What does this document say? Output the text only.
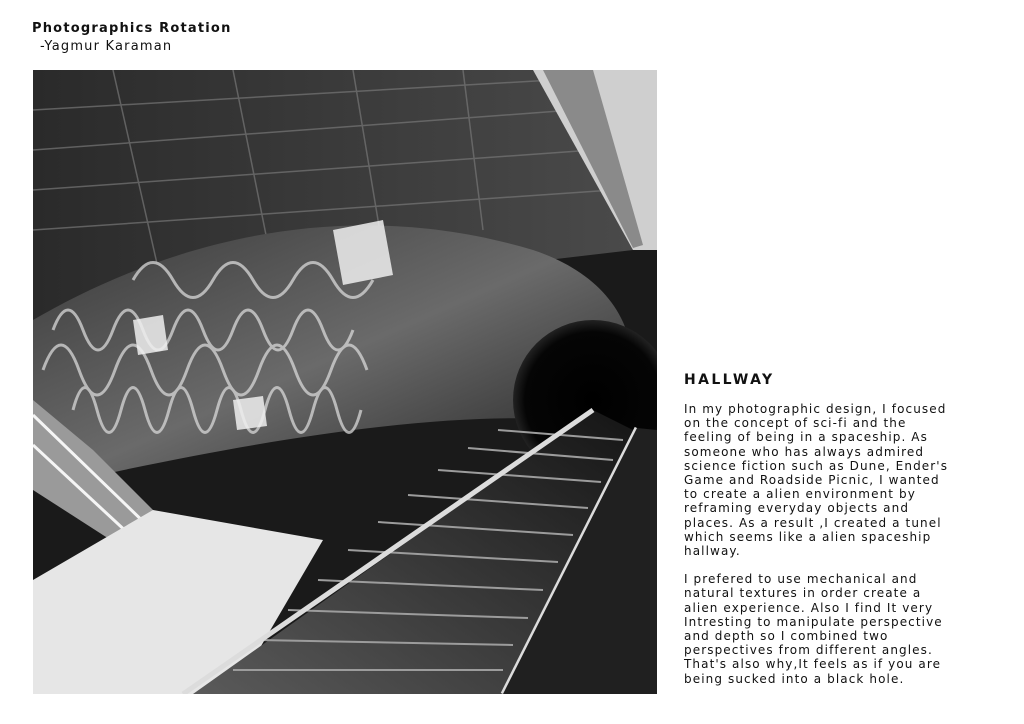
Photographics Rotation
-Yagmur Karaman
HALLWAY
In my photographic design, I focused
on the concept of sci-fi and the
feeling of being in a spaceship. As
someone who has always admired
science fiction such as Dune, Ender's
Game and Roadside Picnic, I wanted
to create a alien environment by
reframing everyday objects and
places. As a result ,I created a tunel
which seems like a alien spaceship
hallway.
I prefered to use mechanical and
natural textures in order create a
alien experience. Also I find It very
Intresting to manipulate perspective
and depth so I combined two
perspectives from different angles.
That's also why,It feels as if you are
being sucked into a black hole.
